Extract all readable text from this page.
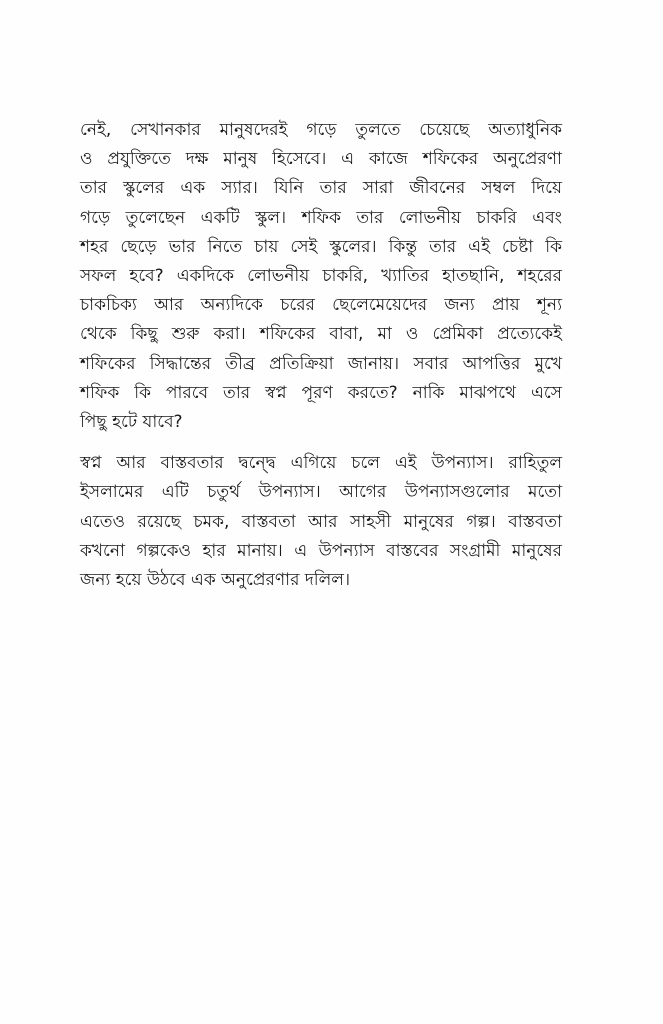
নেই, সেখানকার মানুষদেরই গড়ে তুলতে চেয়েছে অত্যাধুনিক
ও প্রযুক্তিতে দক্ষ মানুষ হিসেবে। এ কাজে শফিকের অনুপ্রেরণা
তার স্কুলের এক স্যার। যিনি তার সারা জীবনের সম্বল দিয়ে
গড়ে তুলেছেন একটি স্কুল। শফিক তার লোভনীয় চাকরি এবং
শহর ছেড়ে ভার নিতে চায় সেই স্কুলের। কিন্তু তার এই চেষ্টা কি
সফল হবে? একদিকে লোভনীয় চাকরি, খ্যাতির হাতছানি, শহরের
চাকচিক্য আর অন্যদিকে চরের ছেলেমেয়েদের জন্য প্রায় শূন্য
থেকে কিছু শুরু করা। শফিকের বাবা, মা ও প্রেমিকা প্রত্যেকেই
শফিকের সিদ্ধান্তের তীব্র প্রতিক্রিয়া জানায়। সবার আপত্তির মুখে
শফিক কি পারবে তার স্বপ্ন পূরণ করতে? নাকি মাঝপথে এসে
পিছু হটে যাবে?

স্বপ্ন আর বাস্তবতার দ্বন্দ্বে এগিয়ে চলে এই উপন্যাস। রাহিতুল
ইসলামের এটি চতুর্থ উপন্যাস। আগের উপন্যাসগুলোর মতো
এতেও রয়েছে চমক, বাস্তবতা আর সাহসী মানুষের গল্প। বাস্তবতা
কখনো গল্পকেও হার মানায়। এ উপন্যাস বাস্তবের সংগ্রামী মানুষের
জন্য হয়ে উঠবে এক অনুপ্রেরণার দলিল।
